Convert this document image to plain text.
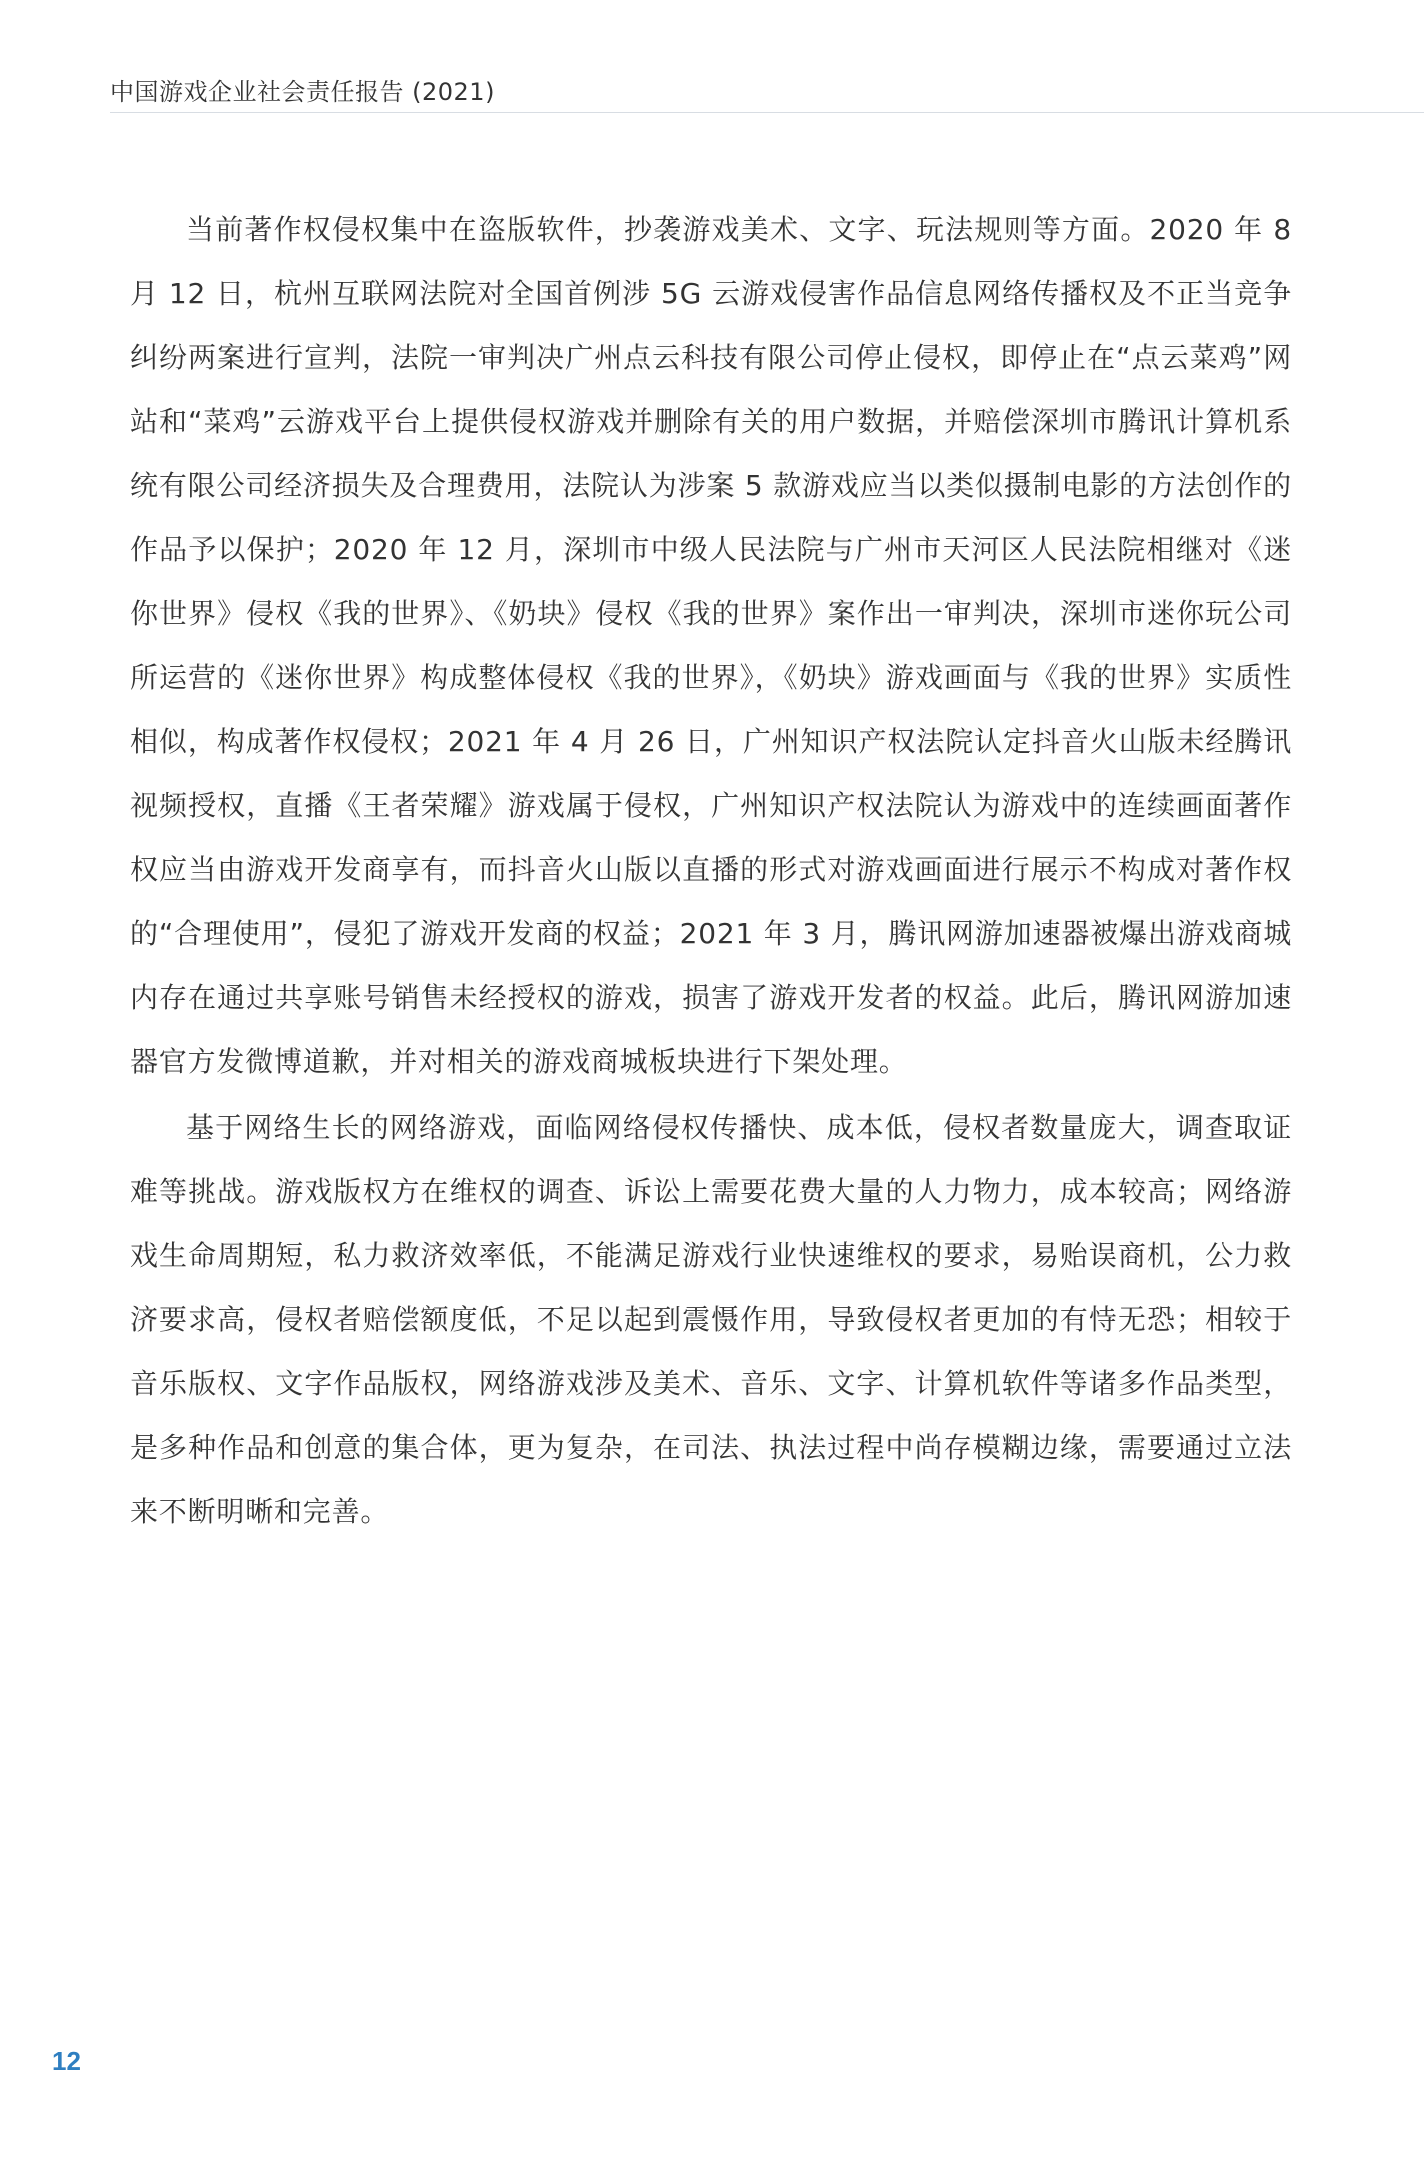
中国游戏企业社会责任报告 (2021)

当前著作权侵权集中在盗版软件，抄袭游戏美术、文字、玩法规则等方面。2020 年 8 月 12 日，杭州互联网法院对全国首例涉 5G 云游戏侵害作品信息网络传播权及不正当竞争纠纷两案进行宣判，法院一审判决广州点云科技有限公司停止侵权，即停止在“点云菜鸡”网站和“菜鸡”云游戏平台上提供侵权游戏并删除有关的用户数据，并赔偿深圳市腾讯计算机系统有限公司经济损失及合理费用，法院认为涉案 5 款游戏应当以类似摄制电影的方法创作的作品予以保护；2020 年 12 月，深圳市中级人民法院与广州市天河区人民法院相继对《迷你世界》侵权《我的世界》、《奶块》侵权《我的世界》案作出一审判决，深圳市迷你玩公司所运营的《迷你世界》构成整体侵权《我的世界》，《奶块》游戏画面与《我的世界》实质性相似，构成著作权侵权；2021 年 4 月 26 日，广州知识产权法院认定抖音火山版未经腾讯视频授权，直播《王者荣耀》游戏属于侵权，广州知识产权法院认为游戏中的连续画面著作权应当由游戏开发商享有，而抖音火山版以直播的形式对游戏画面进行展示不构成对著作权的“合理使用”，侵犯了游戏开发商的权益；2021 年 3 月，腾讯网游加速器被爆出游戏商城内存在通过共享账号销售未经授权的游戏，损害了游戏开发者的权益。此后，腾讯网游加速器官方发微博道歉，并对相关的游戏商城板块进行下架处理。

基于网络生长的网络游戏，面临网络侵权传播快、成本低，侵权者数量庞大，调查取证难等挑战。游戏版权方在维权的调查、诉讼上需要花费大量的人力物力，成本较高；网络游戏生命周期短，私力救济效率低，不能满足游戏行业快速维权的要求，易贻误商机，公力救济要求高，侵权者赔偿额度低，不足以起到震慑作用，导致侵权者更加的有恃无恐；相较于音乐版权、文字作品版权，网络游戏涉及美术、音乐、文字、计算机软件等诸多作品类型，是多种作品和创意的集合体，更为复杂，在司法、执法过程中尚存模糊边缘，需要通过立法来不断明晰和完善。

12
